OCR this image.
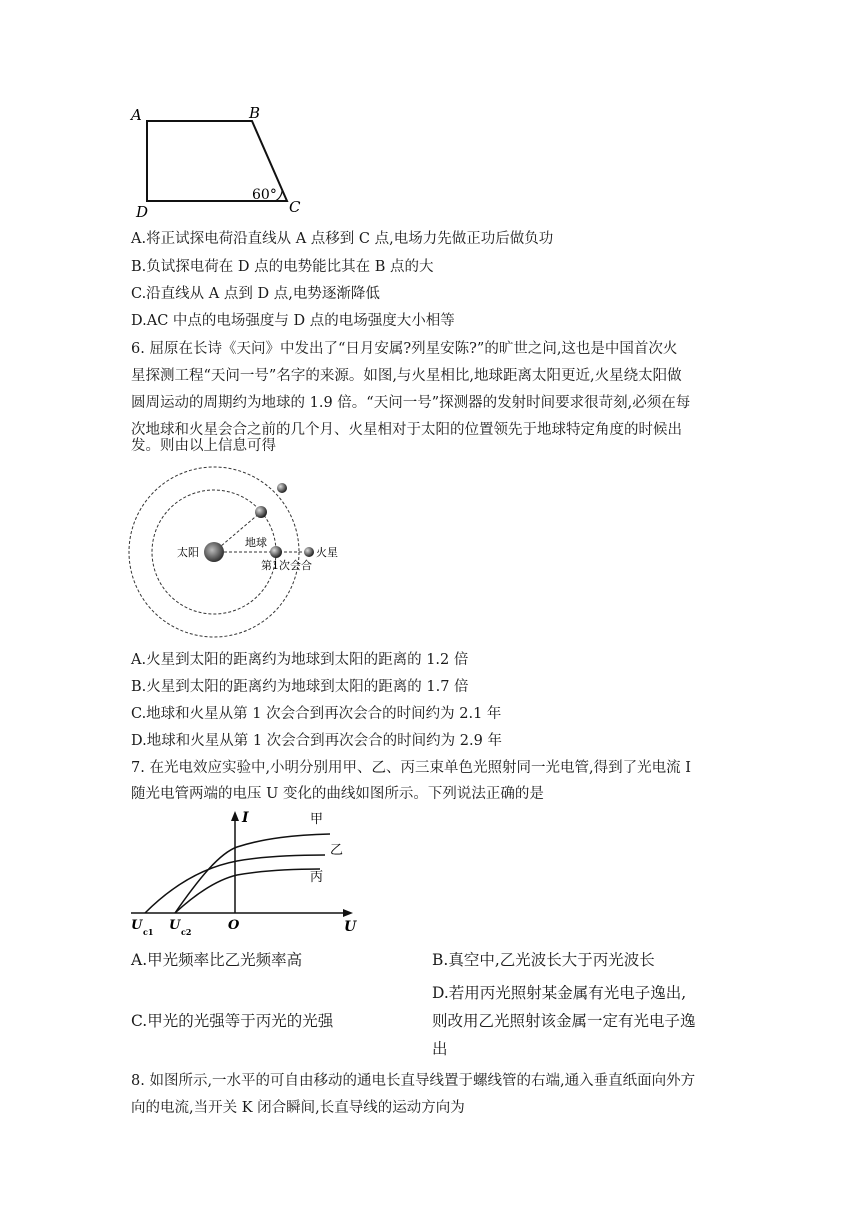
A	B
C
D
60°
A.将正试探电荷沿直线从 A 点移到 C 点,电场力先做正功后做负功
B.负试探电荷在 D 点的电势能比其在 B 点的大
C.沿直线从 A 点到 D 点,电势逐渐降低
D.AC 中点的电场强度与 D 点的电场强度大小相等
6. 屈原在长诗《天问》中发出了“日月安属?列星安陈?”的旷世之问,这也是中国首次火
星探测工程“天问一号”名字的来源。如图,与火星相比,地球距离太阳更近,火星绕太阳做
圆周运动的周期约为地球的 1.9 倍。“天问一号”探测器的发射时间要求很苛刻,必须在每
次地球和火星会合之前的几个月、火星相对于太阳的位置领先于地球特定角度的时候出
发。则由以上信息可得
太阳
地球
火星
第1次会合
A.火星到太阳的距离约为地球到太阳的距离的 1.2 倍
B.火星到太阳的距离约为地球到太阳的距离的 1.7 倍
C.地球和火星从第 1 次会合到再次会合的时间约为 2.1 年
D.地球和火星从第 1 次会合到再次会合的时间约为 2.9 年
7. 在光电效应实验中,小明分别用甲、乙、丙三束单色光照射同一光电管,得到了光电流 I
随光电管两端的电压 U 变化的曲线如图所示。下列说法正确的是
I
U
O
U c1 U c2
甲
乙
丙
A.甲光频率比乙光频率高	B.真空中,乙光波长大于丙光波长
C.甲光的光强等于丙光的光强
D.若用丙光照射某金属有光电子逸出,
则改用乙光照射该金属一定有光电子逸
出
8. 如图所示,一水平的可自由移动的通电长直导线置于螺线管的右端,通入垂直纸面向外方
向的电流,当开关 K 闭合瞬间,长直导线的运动方向为
